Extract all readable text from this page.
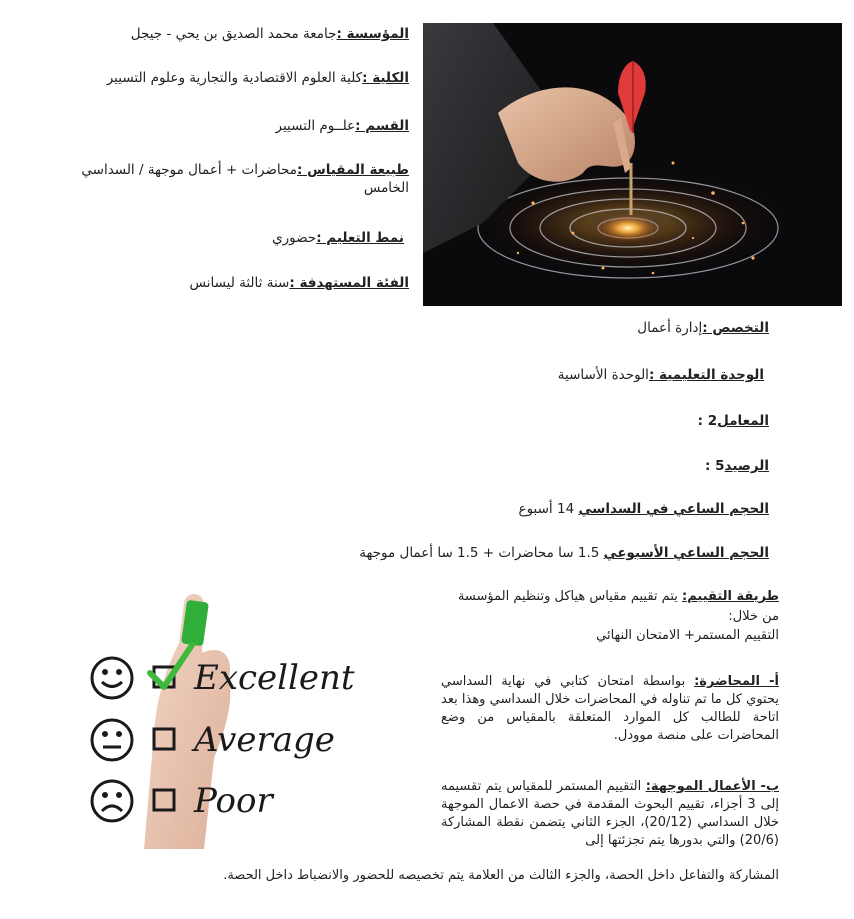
المؤسسة :جامعة محمد الصديق بن يحي - جيجل
الكلية :كلية العلوم الاقتصادية والتجارية وعلوم التسيير
القسم :علــوم التسيير
طبيعة المقياس :محاضرات + أعمال موجهة / السداسي
الخامس
نمط التعليم :حضوري
الفئة المستهدفة :سنة ثالثة ليسانس
التخصص :إدارة أعمال
الوحدة التعليمية :الوحدة الأساسية
المعامل2 :
الرصيد5 :
الحجم الساعي في السداسي 14 أسبوع
الحجم الساعي الأسبوعي 1.5 سا محاضرات + 1.5 سا أعمال موجهة
طريقة التقييم: يتم تقييم مقياس هياكل وتنظيم المؤسسة
من خلال:
التقييم المستمر+ الامتحان النهائي
أ- المحاضرة: بواسطة امتحان كتابي في نهاية السداسي يحتوي كل ما تم تناوله في المحاضرات خلال السداسي وهذا بعد اتاحة للطالب كل الموارد المتعلقة بالمقياس من وضع المحاضرات على منصة موودل.
ب- الأعمال الموجهة: التقييم المستمر للمقياس يتم تقسيمه إلى 3 أجزاء، تقييم البحوث المقدمة في حصة الاعمال الموجهة خلال السداسي (20/12)، الجزء الثاني يتضمن نقطة المشاركة (20/6) والتي بدورها يتم تجزئتها إلى
المشاركة والتفاعل داخل الحصة، والجزء الثالث من العلامة يتم تخصيصه للحضور والانضباط داخل الحصة.
Excellent
Average
Poor
